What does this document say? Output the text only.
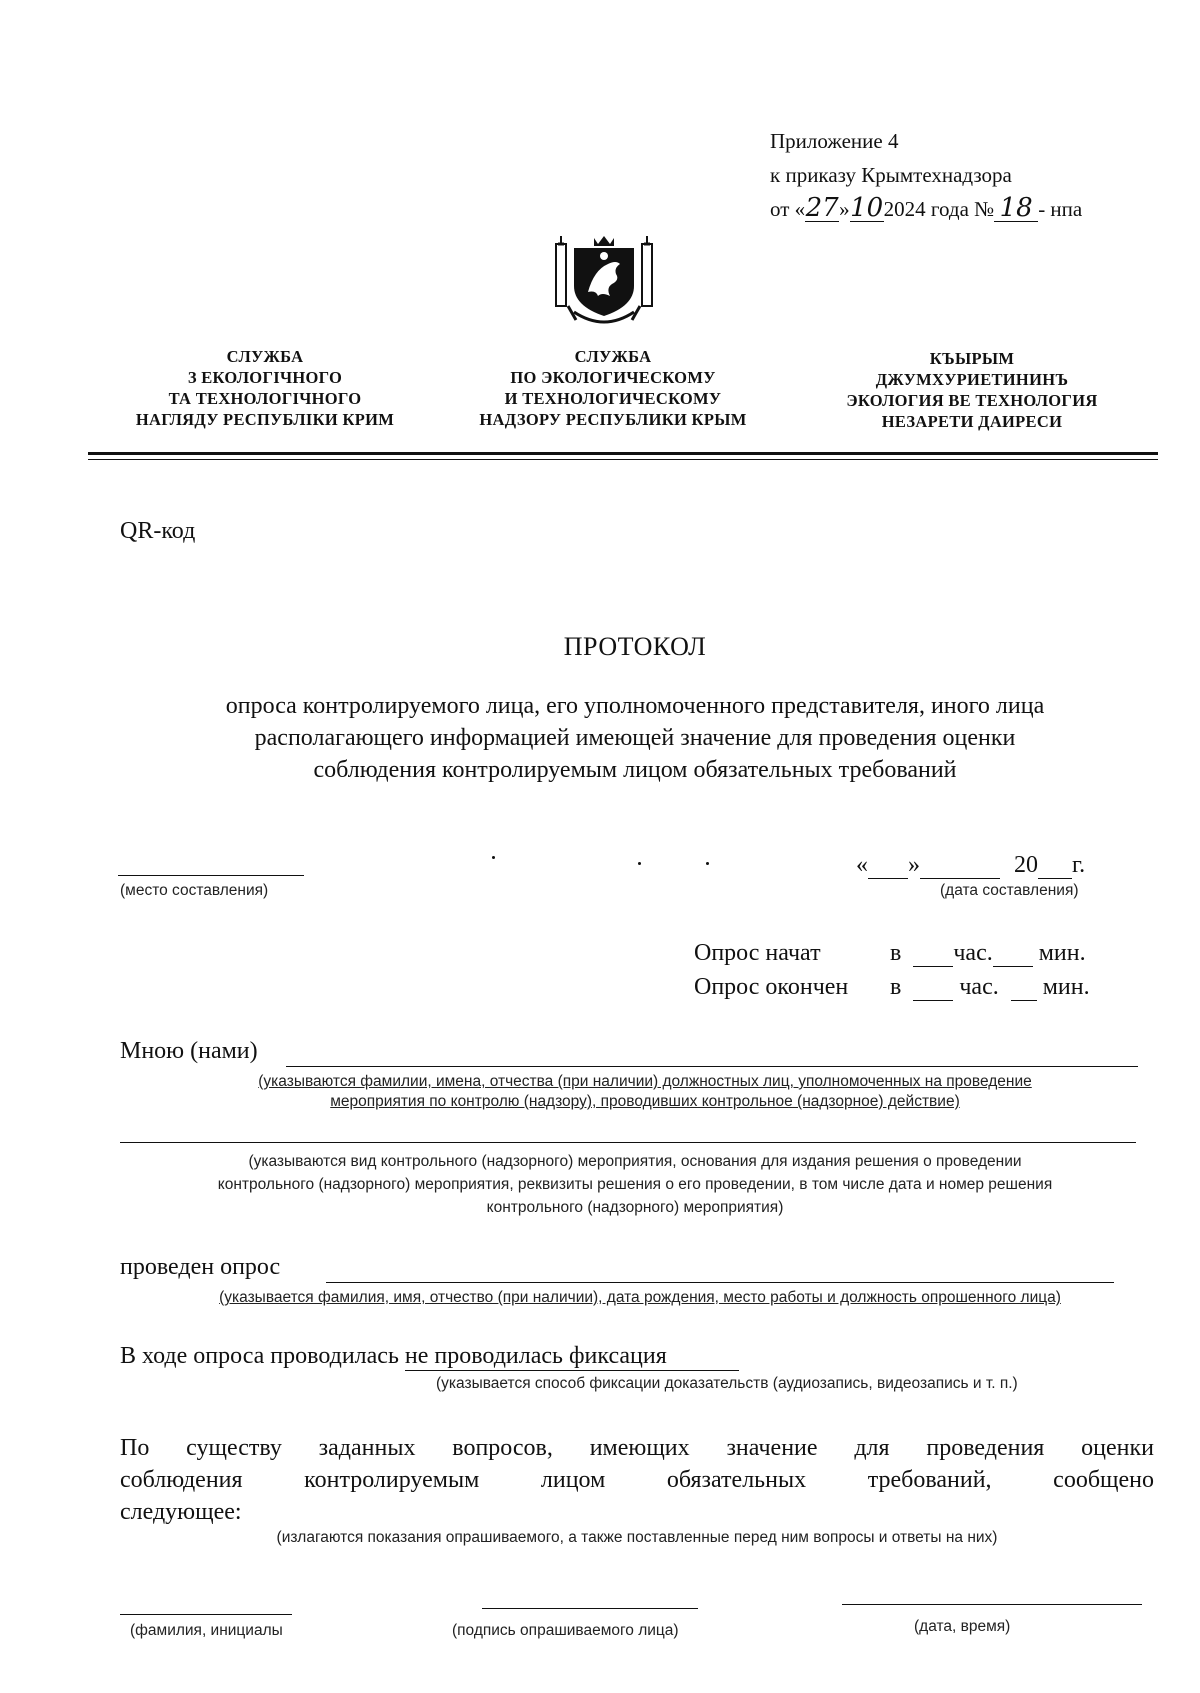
Приложение 4
к приказу Крымтехнадзора
от «27»102024 года № 18 - нпа
СЛУЖБА
З ЕКОЛОГІЧНОГО
ТА ТЕХНОЛОГІЧНОГО
НАГЛЯДУ РЕСПУБЛІКИ КРИМ
СЛУЖБА
ПО ЭКОЛОГИЧЕСКОМУ
И ТЕХНОЛОГИЧЕСКОМУ
НАДЗОРУ РЕСПУБЛИКИ КРЫМ
КЪЫРЫМ
ДЖУМХУРИЕТИНИНЪ
ЭКОЛОГИЯ ВЕ ТЕХНОЛОГИЯ
НЕЗАРЕТИ ДАИРЕСИ
QR-код
ПРОТОКОЛ
опроса контролируемого лица, его уполномоченного представителя, иного лица
располагающего информацией имеющей значение для проведения оценки
соблюдения контролируемым лицом обязательных требований
(место составления)
« »	20 г.
(дата составления)
Опрос начат	в час. мин.
Опрос окончен в час. мин.
Мною (нами)
(указываются фамилии, имена, отчества (при наличии) должностных лиц, уполномоченных на проведение
мероприятия по контролю (надзору), проводивших контрольное (надзорное) действие)
(указываются вид контрольного (надзорного) мероприятия, основания для издания решения о проведении
контрольного (надзорного) мероприятия, реквизиты решения о его проведении, в том числе дата и номер решения
контрольного (надзорного) мероприятия)
проведен опрос
(указывается фамилия, имя, отчество (при наличии), дата рождения, место работы и должность опрошенного лица)
В ходе опроса проводилась не проводилась фиксация
(указывается способ фиксации доказательств (аудиозапись, видеозапись и т. п.)
По существу заданных вопросов, имеющих значение для проведения оценки
соблюдения контролируемым лицом обязательных требований, сообщено
следующее:
(излагаются показания опрашиваемого, а также поставленные перед ним вопросы и ответы на них)
(фамилия, инициалы	(подпись опрашиваемого лица)	(дата, время)
